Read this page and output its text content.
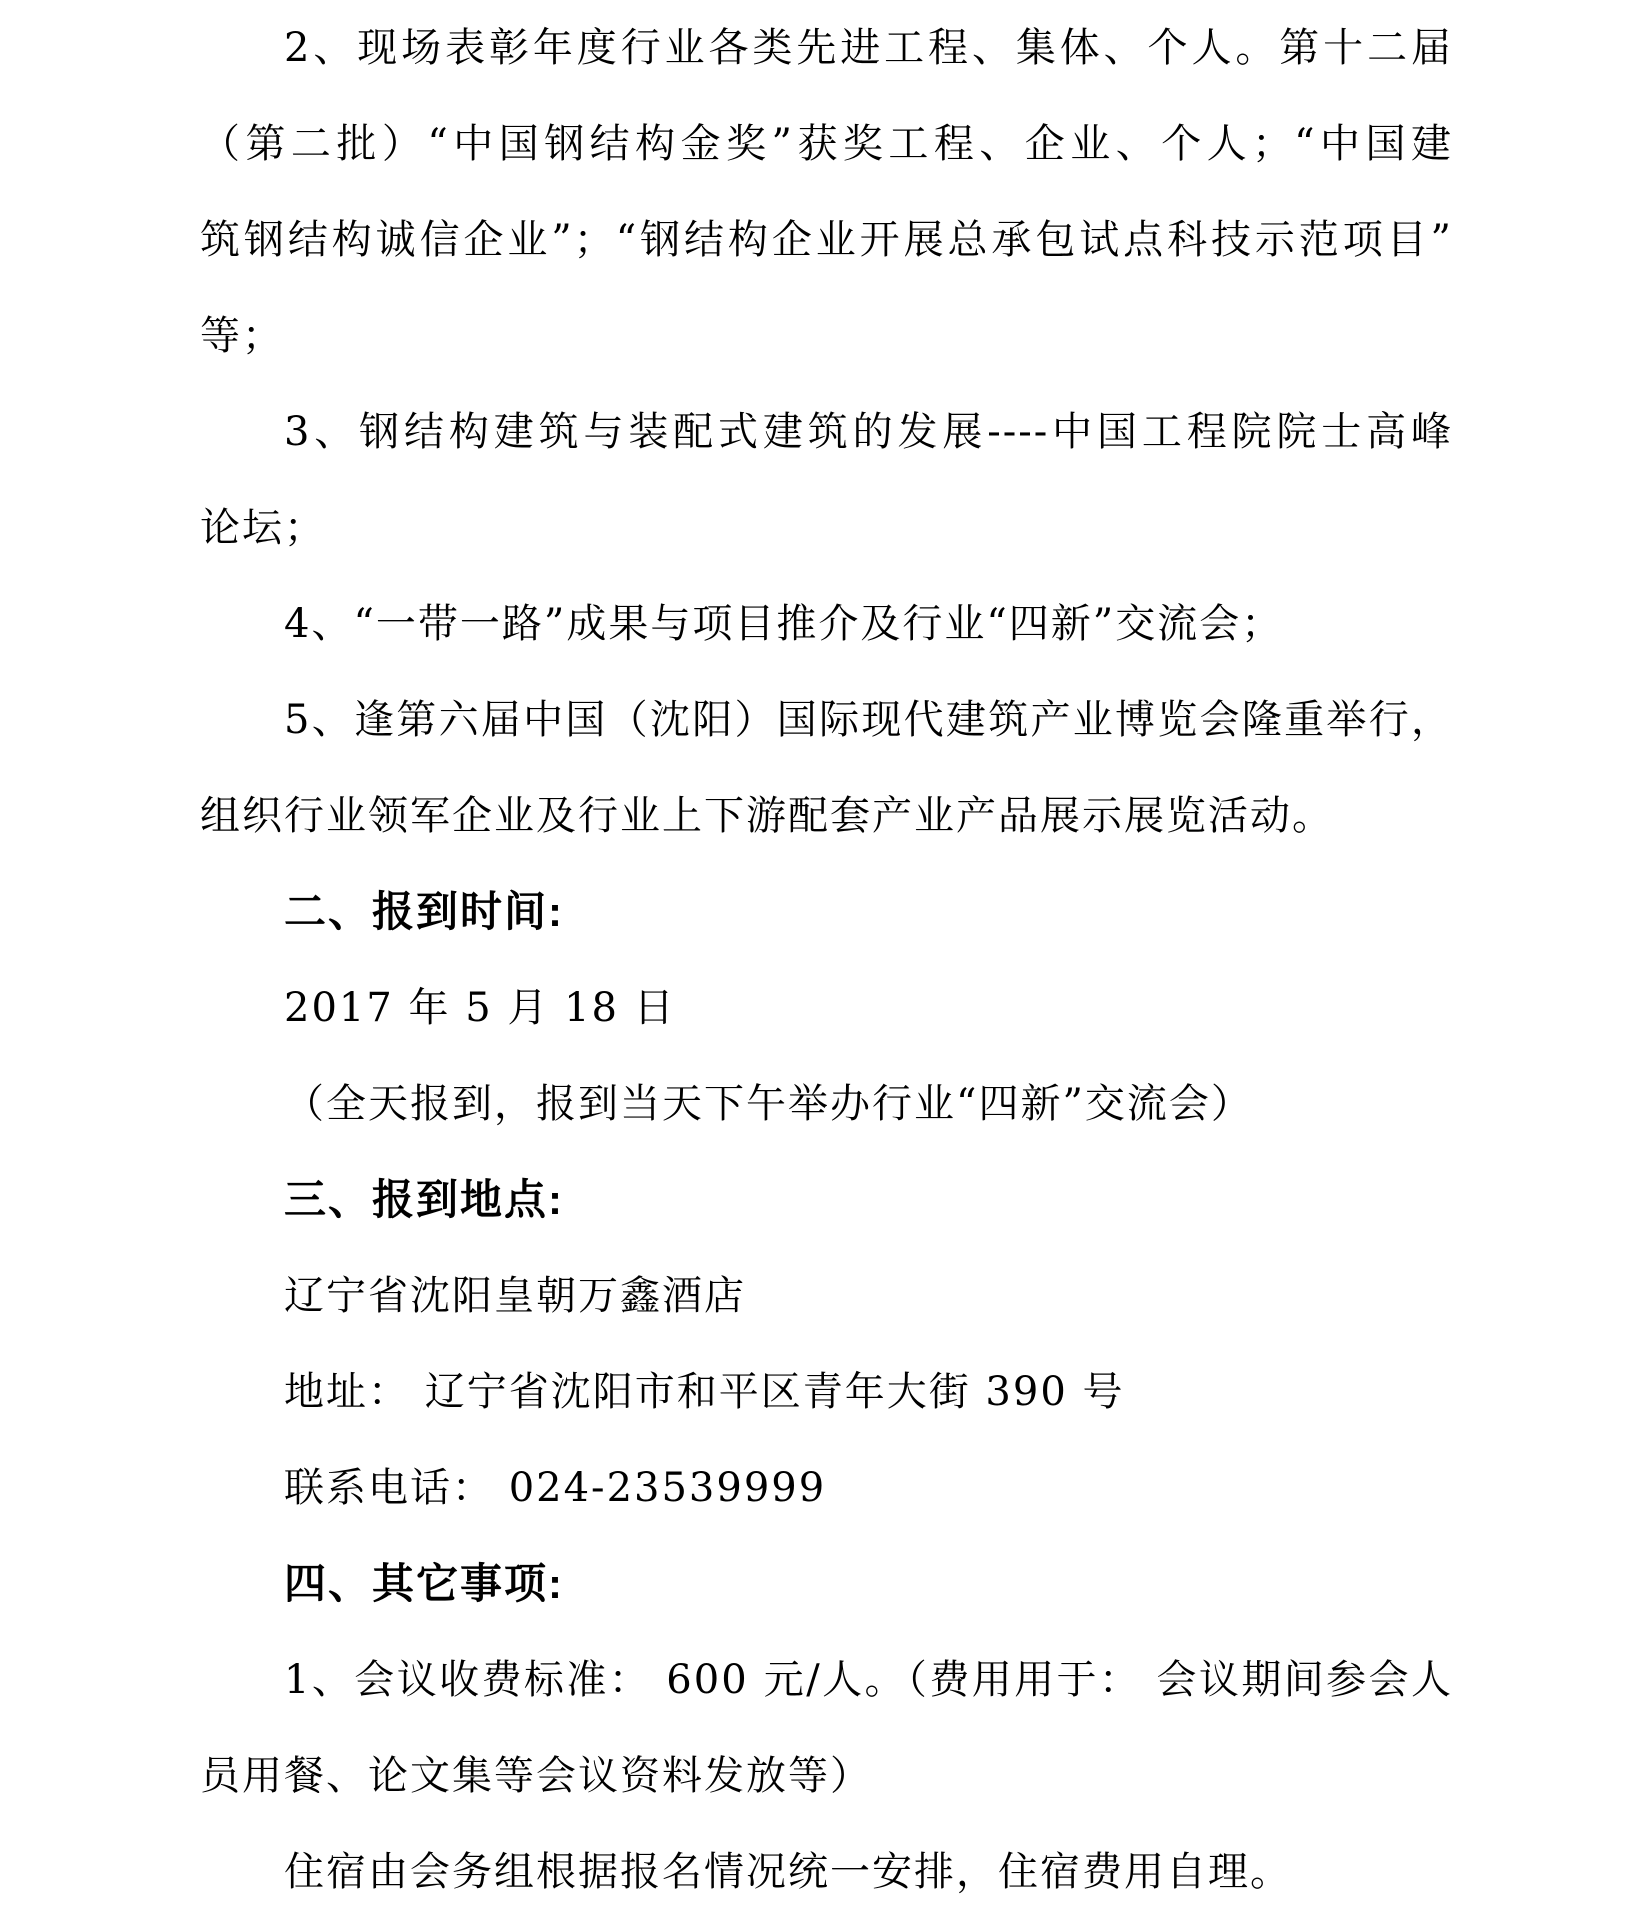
2、现场表彰年度行业各类先进工程、集体、个人。第十二届
（第二批）“中国钢结构金奖”获奖工程、企业、个人；“中国建
筑钢结构诚信企业”；“钢结构企业开展总承包试点科技示范项目”
等；
3、钢结构建筑与装配式建筑的发展----中国工程院院士高峰
论坛；
4、“一带一路”成果与项目推介及行业“四新”交流会；
5、逢第六届中国（沈阳）国际现代建筑产业博览会隆重举行，
组织行业领军企业及行业上下游配套产业产品展示展览活动。
二、报到时间:
2017 年 5 月 18 日
（全天报到，报到当天下午举办行业“四新”交流会）
三、报到地点:
辽宁省沈阳皇朝万鑫酒店
地址： 辽宁省沈阳市和平区青年大街 390 号
联系电话： 024-23539999
四、其它事项:
1、会议收费标准： 600 元/人。（费用用于： 会议期间参会人
员用餐、论文集等会议资料发放等）
住宿由会务组根据报名情况统一安排，住宿费用自理。
